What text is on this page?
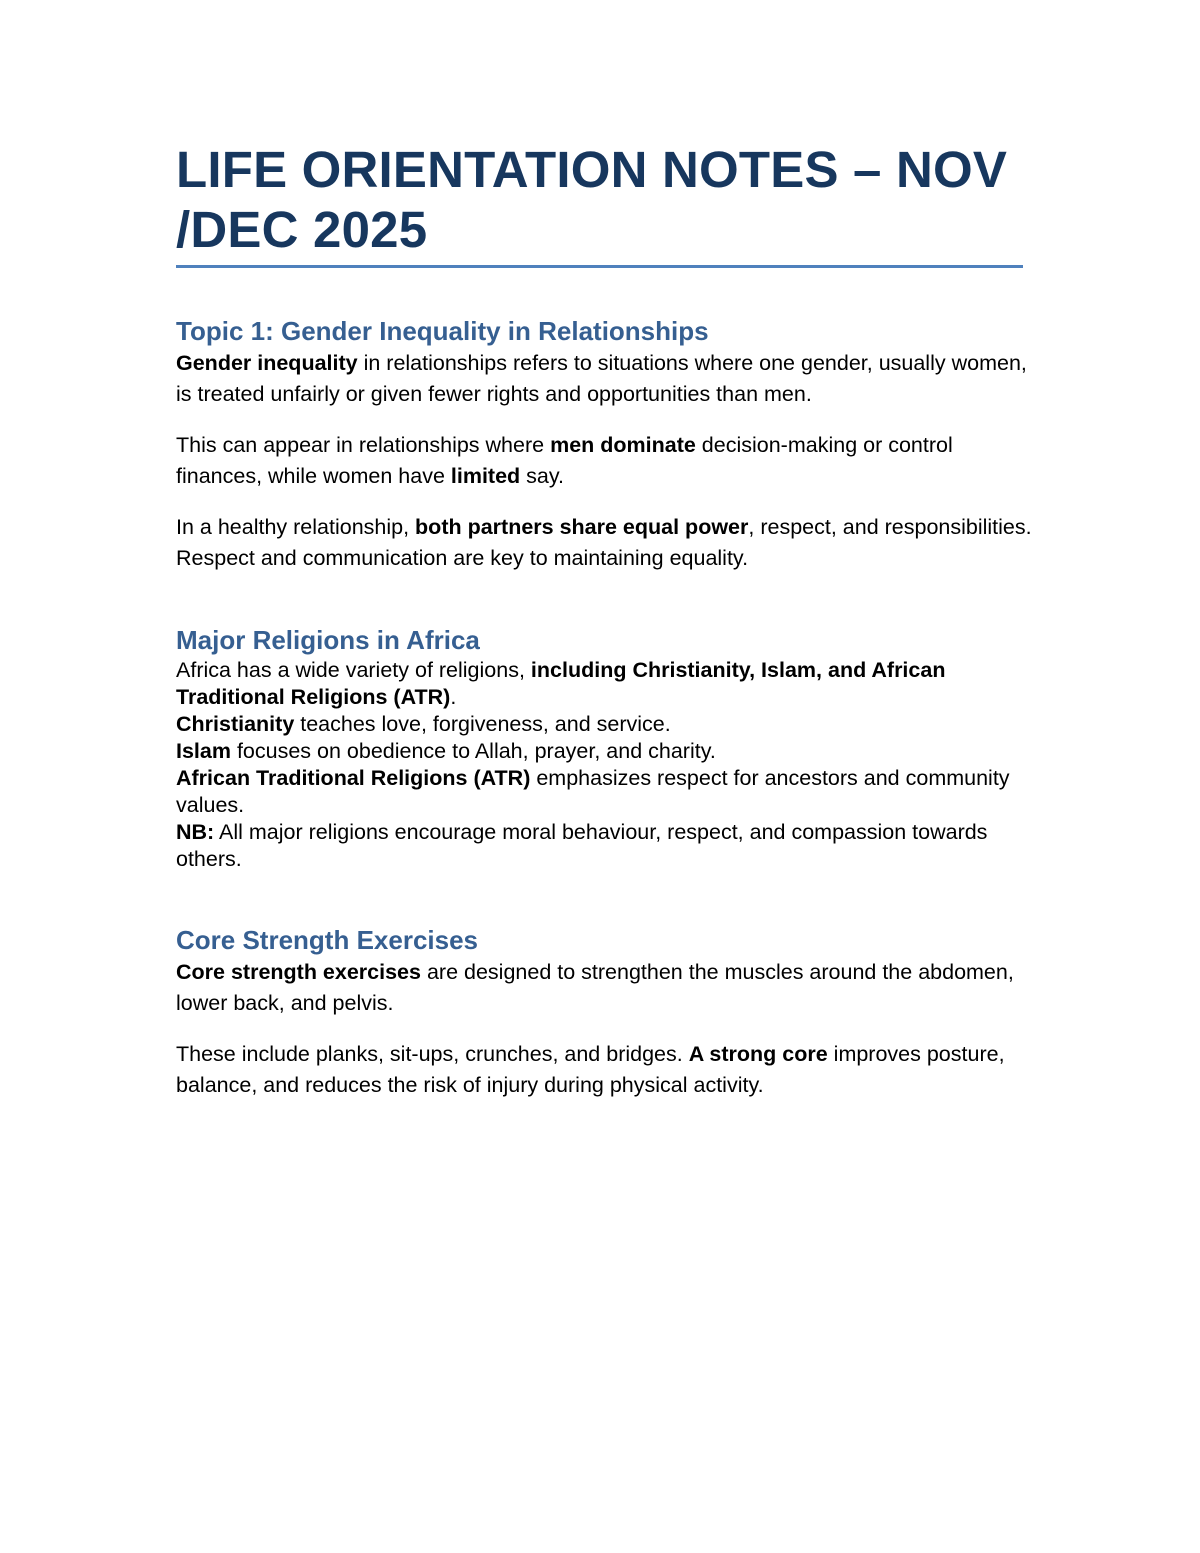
LIFE ORIENTATION NOTES – NOV /DEC 2025
Topic 1: Gender Inequality in Relationships

Gender inequality in relationships refers to situations where one gender, usually women, is treated unfairly or given fewer rights and opportunities than men.

This can appear in relationships where men dominate decision-making or control finances, while women have limited say.

In a healthy relationship, both partners share equal power, respect, and responsibilities. Respect and communication are key to maintaining equality.

Major Religions in Africa

Africa has a wide variety of religions, including Christianity, Islam, and African Traditional Religions (ATR).

Christianity teaches love, forgiveness, and service.

Islam focuses on obedience to Allah, prayer, and charity.

African Traditional Religions (ATR) emphasizes respect for ancestors and community values.

NB: All major religions encourage moral behaviour, respect, and compassion towards others.

Core Strength Exercises

Core strength exercises are designed to strengthen the muscles around the abdomen, lower back, and pelvis.

These include planks, sit-ups, crunches, and bridges. A strong core improves posture, balance, and reduces the risk of injury during physical activity.
